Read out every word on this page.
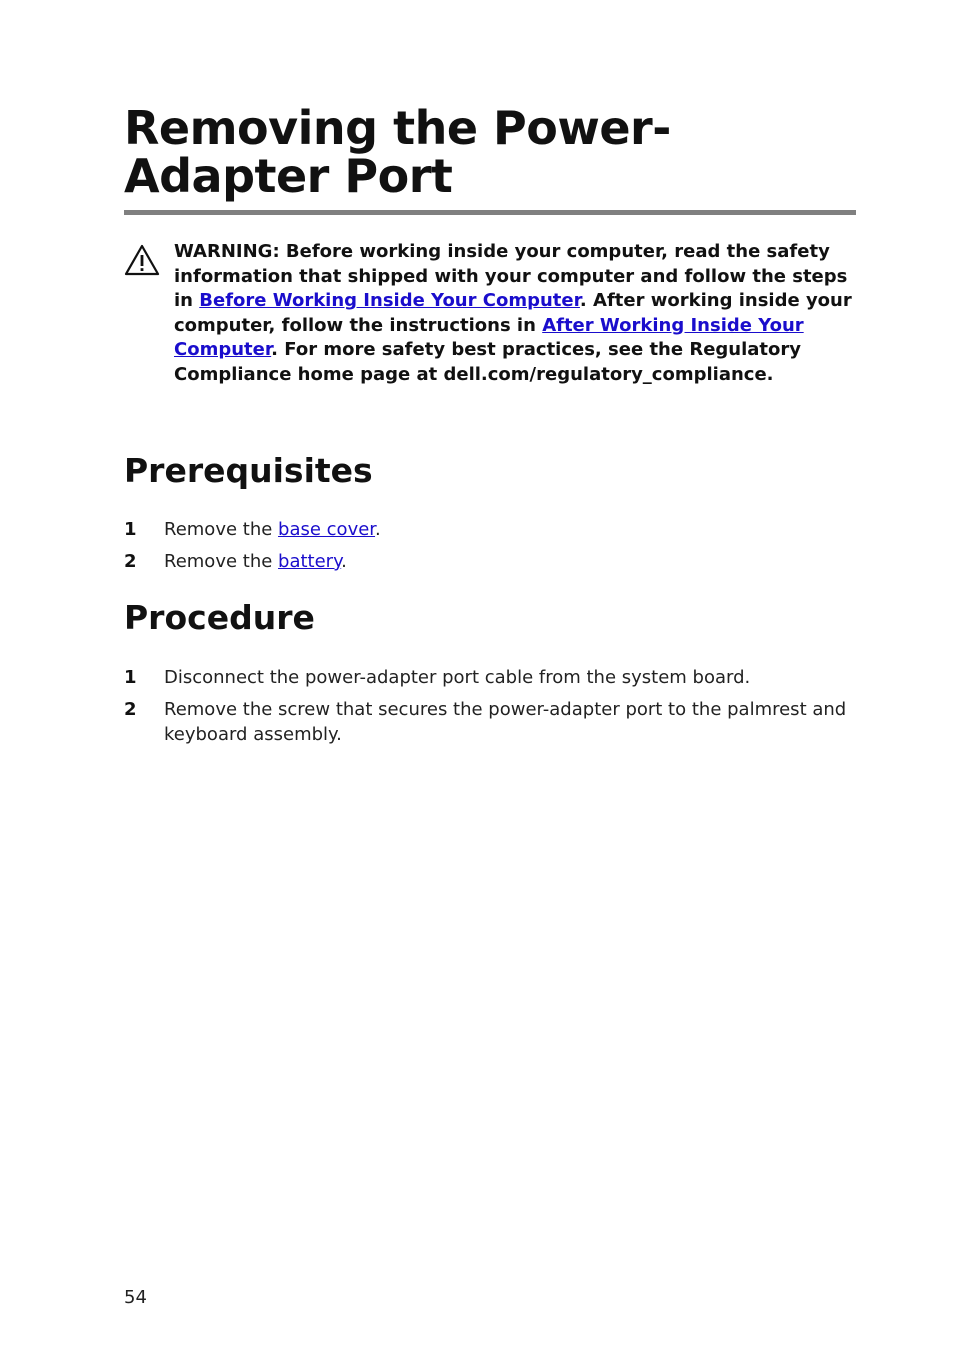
Removing the Power-Adapter Port
WARNING: Before working inside your computer, read the safety information that shipped with your computer and follow the steps in Before Working Inside Your Computer. After working inside your computer, follow the instructions in After Working Inside Your Computer. For more safety best practices, see the Regulatory Compliance home page at dell.com/regulatory_compliance.
Prerequisites
1 Remove the base cover.
2 Remove the battery.
Procedure
1 Disconnect the power-adapter port cable from the system board.
2 Remove the screw that secures the power-adapter port to the palmrest and keyboard assembly.
54
